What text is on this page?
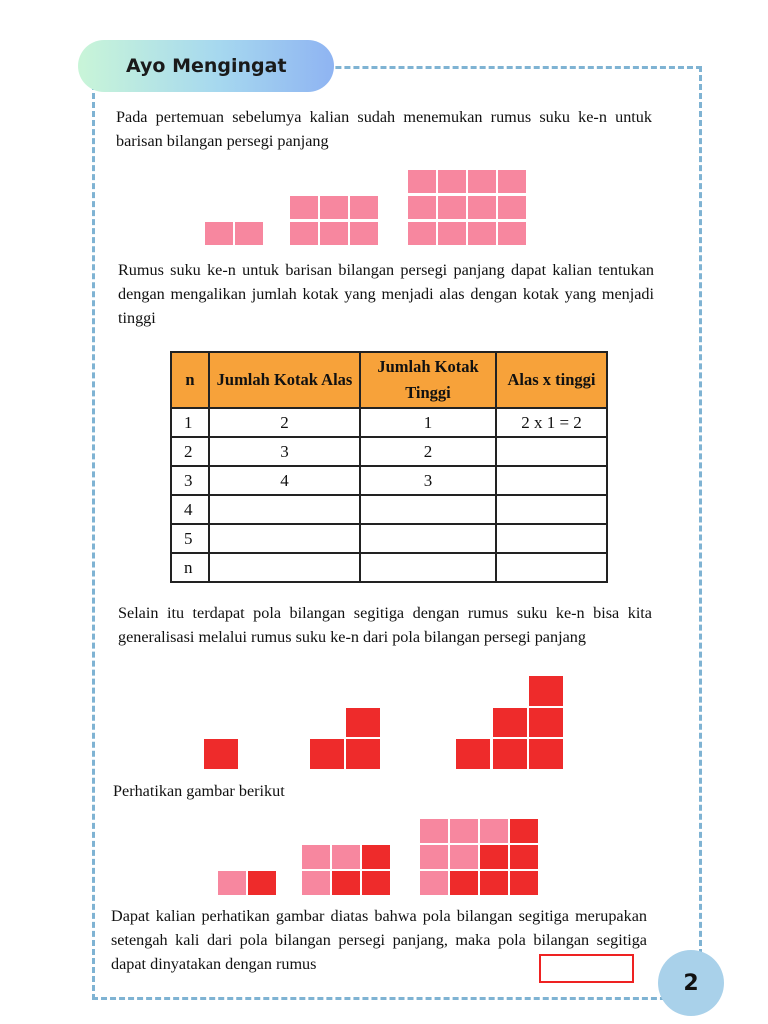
Ayo Mengingat
Pada pertemuan sebelumya kalian sudah menemukan rumus suku ke-n untuk barisan bilangan persegi panjang
Rumus suku ke-n untuk barisan bilangan persegi panjang dapat kalian tentukan dengan mengalikan jumlah kotak yang menjadi alas dengan kotak yang menjadi tinggi
n	Jumlah Kotak Alas	Jumlah Kotak Tinggi	Alas x tinggi
1	2	1	2 x 1 = 2
2	3	2	
3	4	3	
4			
5			
n			
Selain itu terdapat pola bilangan segitiga dengan rumus suku ke-n bisa kita generalisasi melalui rumus suku ke-n dari pola bilangan persegi panjang
Perhatikan gambar berikut
Dapat kalian perhatikan gambar diatas bahwa pola bilangan segitiga merupakan setengah kali dari pola bilangan persegi panjang, maka pola bilangan segitiga dapat dinyatakan dengan rumus
2
